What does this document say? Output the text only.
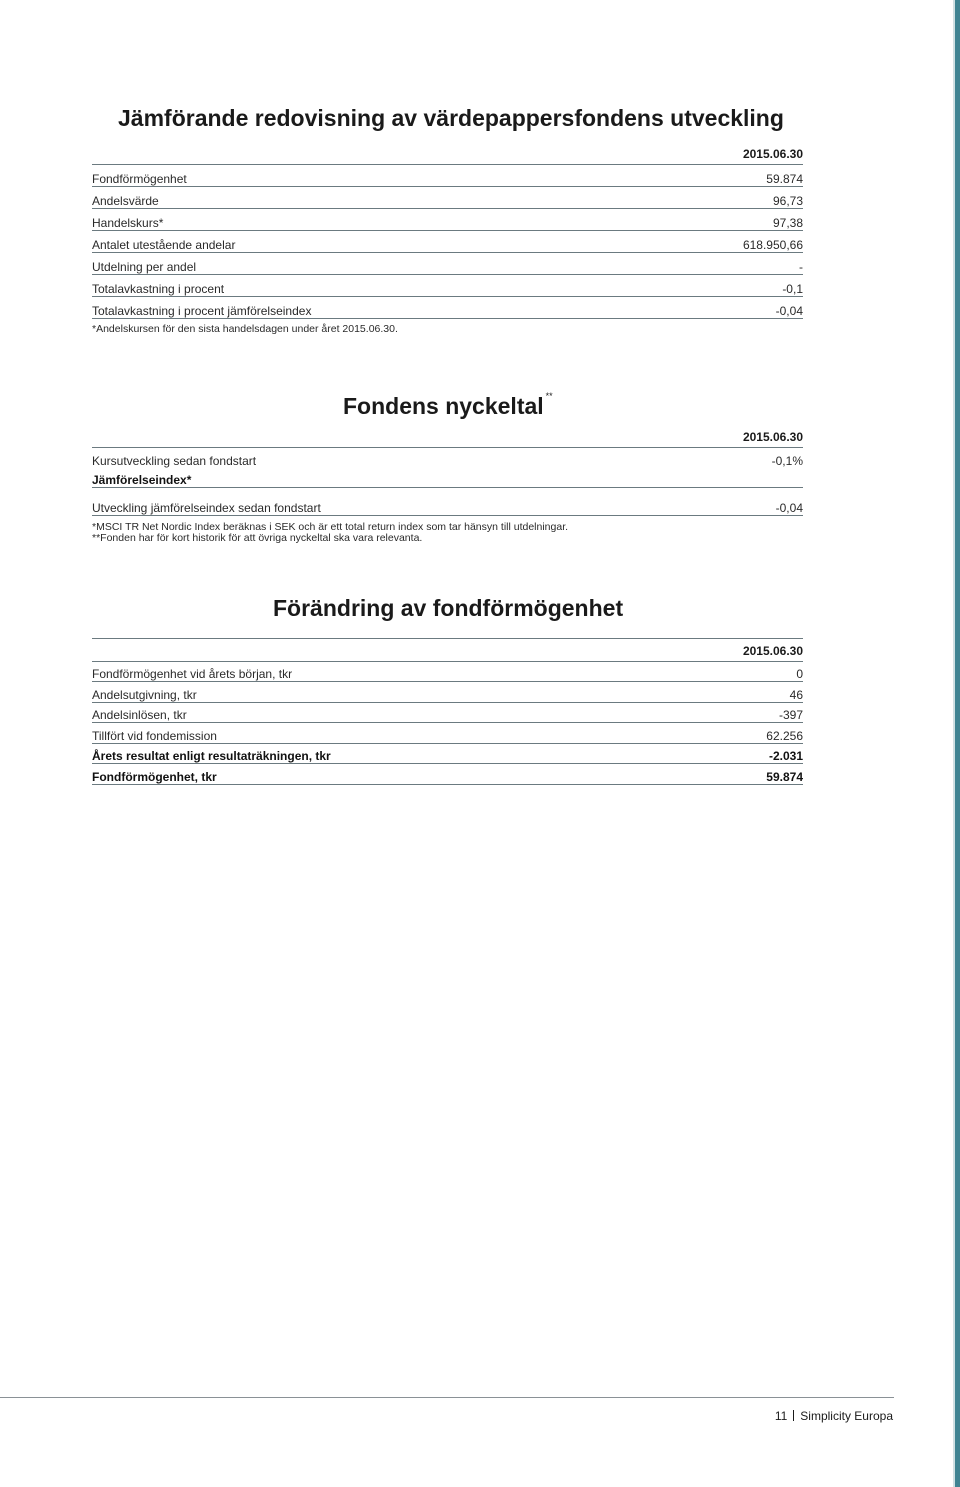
Jämförande redovisning av värdepappersfondens utveckling
2015.06.30
Fondförmögenhet	59.874
Andelsvärde	96,73
Handelskurs*	97,38
Antalet utestående andelar	618.950,66
Utdelning per andel	-
Totalavkastning i procent	-0,1
Totalavkastning i procent jämförelseindex	-0,04
*Andelskursen för den sista handelsdagen under året 2015.06.30.
Fondens nyckeltal **
2015.06.30
Kursutveckling sedan fondstart	-0,1%
Jämförelseindex*
Utveckling jämförelseindex sedan fondstart	-0,04
*MSCI TR Net Nordic Index beräknas i SEK och är ett total return index som tar hänsyn till utdelningar.
**Fonden har för kort historik för att övriga nyckeltal ska vara relevanta.
Förändring av fondförmögenhet
2015.06.30
Fondförmögenhet vid årets början, tkr	0
Andelsutgivning, tkr	46
Andelsinlösen, tkr	-397
Tillfört vid fondemission	62.256
Årets resultat enligt resultaträkningen, tkr	-2.031
Fondförmögenhet, tkr	59.874
11 Simplicity Europa
